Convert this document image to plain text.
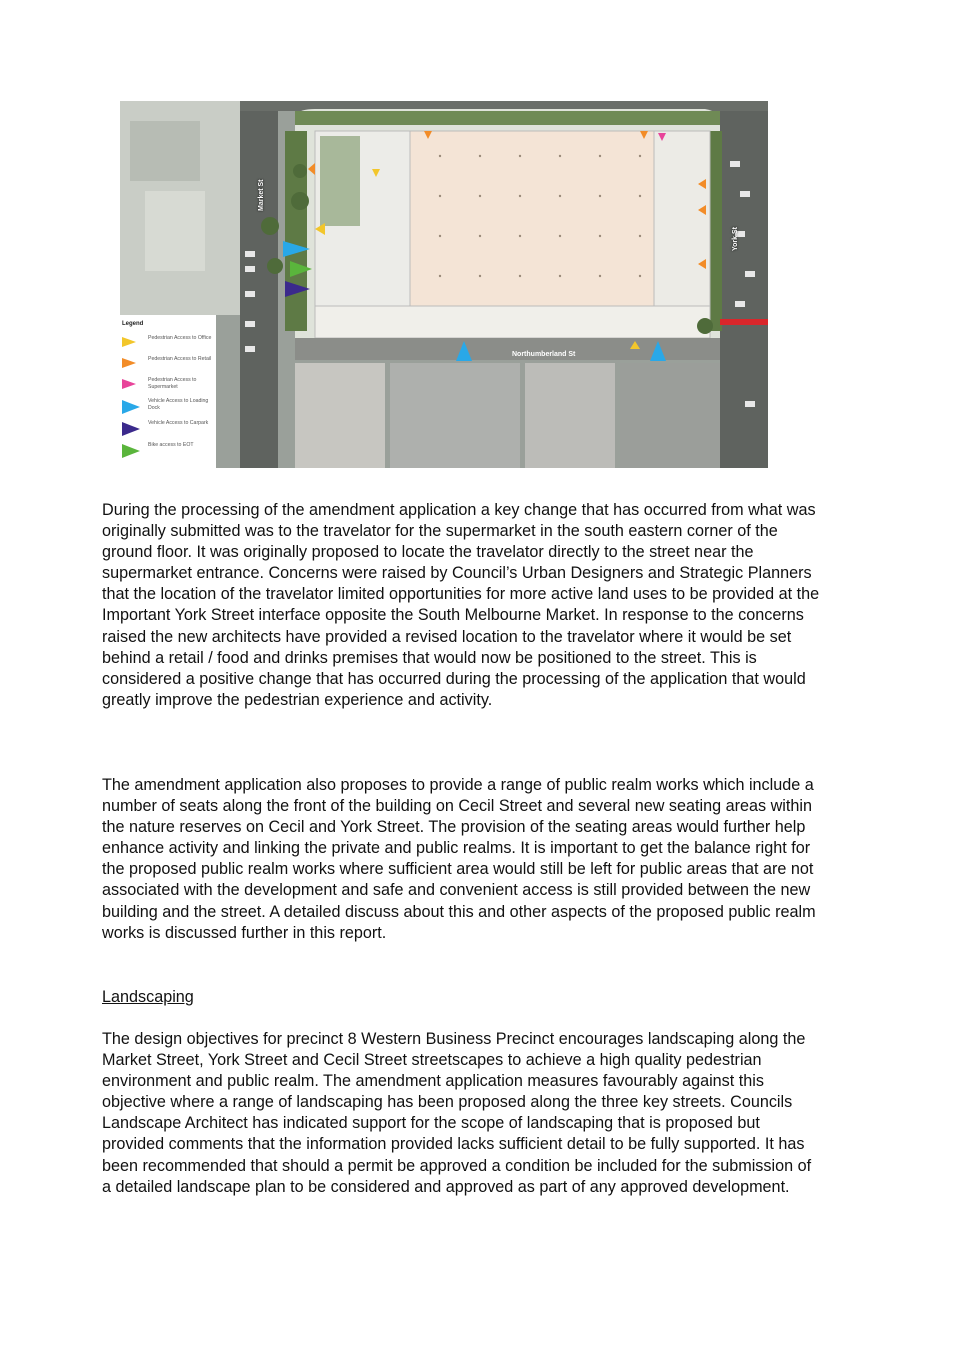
Market St
York St
Northumberland St
Legend
Pedestrian Access to Office
Pedestrian Access to Retail
Pedestrian Access to Supermarket
Vehicle Access to Loading Dock
Vehicle Access to Carpark
Bike access to EOT

During the processing of the amendment application a key change that has occurred from what was originally submitted was to the travelator for the supermarket in the south eastern corner of the ground floor. It was originally proposed to locate the travelator directly to the street near the supermarket entrance. Concerns were raised by Council’s Urban Designers and Strategic Planners that the location of the travelator limited opportunities for more active land uses to be provided at the Important York Street interface opposite the South Melbourne Market. In response to the concerns raised the new architects have provided a revised location to the travelator where it would be set behind a retail / food and drinks premises that would now be positioned to the street. This is considered a positive change that has occurred during the processing of the application that would greatly improve the pedestrian experience and activity.

The amendment application also proposes to provide a range of public realm works which include a number of seats along the front of the building on Cecil Street and several new seating areas within the nature reserves on Cecil and York Street. The provision of the seating areas would further help enhance activity and linking the private and public realms. It is important to get the balance right for the proposed public realm works where sufficient area would still be left for public areas that are not associated with the development and safe and convenient access is still provided between the new building and the street. A detailed discuss about this and other aspects of the proposed public realm works is discussed further in this report.

Landscaping

The design objectives for precinct 8 Western Business Precinct encourages landscaping along the Market Street, York Street and Cecil Street streetscapes to achieve a high quality pedestrian environment and public realm. The amendment application measures favourably against this objective where a range of landscaping has been proposed along the three key streets. Councils Landscape Architect has indicated support for the scope of landscaping that is proposed but provided comments that the information provided lacks sufficient detail to be fully supported. It has been recommended that should a permit be approved a condition be included for the submission of a detailed landscape plan to be considered and approved as part of any approved development.
